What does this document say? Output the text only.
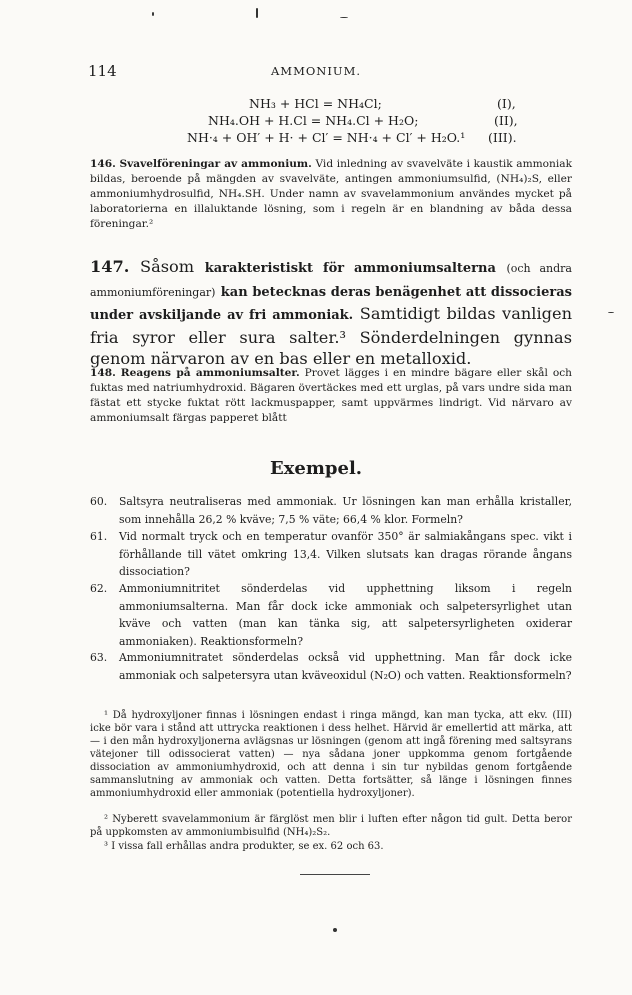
114	AMMONIUM.
NH₃ + HCl = NH₄Cl;	(I),
NH₄.OH + H.Cl = NH₄.Cl + H₂O;	(II),
NH·₄ + OH′ + H· + Cl′ = NH·₄ + Cl′ + H₂O.¹ (III).
146. Svavelföreningar av ammonium. Vid inledning av svavelväte i kaustik ammoniak bildas, beroende på mängden av svavelväte, antingen ammoniumsulfid, (NH₄)₂S, eller ammoniumhydrosulfid, NH₄.SH. Under namn av svavelammonium användes mycket på laboratorierna en illaluktande lösning, som i regeln är en blandning av båda dessa föreningar.²
147. Såsom karakteristiskt för ammoniumsalterna (och andra ammoniumföreningar) kan betecknas deras benägenhet att dissocieras under avskiljande av fri ammoniak. Samtidigt bildas vanligen fria syror eller sura salter.³ Sönderdelningen gynnas genom närvaron av en bas eller en metalloxid.
148. Reagens på ammoniumsalter. Provet lägges i en mindre bägare eller skål och fuktas med natriumhydroxid. Bägaren övertäckes med ett urglas, på vars undre sida man fästat ett stycke fuktat rött lackmuspapper, samt uppvärmes lindrigt. Vid närvaro av ammoniumsalt färgas papperet blått
Exempel.
60.	Saltsyra neutraliseras med ammoniak. Ur lösningen kan man erhålla kristaller, som innehålla 26,2 % kväve; 7,5 % väte; 66,4 % klor. Formeln?
61.	Vid normalt tryck och en temperatur ovanför 350° är salmiakångans spec. vikt i förhållande till vätet omkring 13,4. Vilken slutsats kan dragas rörande ångans dissociation?
62.	Ammoniumnitritet sönderdelas vid upphettning liksom i regeln ammoniumsalterna. Man får dock icke ammoniak och salpetersyrlighet utan kväve och vatten (man kan tänka sig, att salpetersyrligheten oxiderar ammoniaken). Reaktionsformeln?
63.	Ammoniumnitratet sönderdelas också vid upphettning. Man får dock icke ammoniak och salpetersyra utan kväveoxidul (N₂O) och vatten. Reaktionsformeln?
¹ Då hydroxyljoner finnas i lösningen endast i ringa mängd, kan man tycka, att ekv. (III) icke bör vara i stånd att uttrycka reaktionen i dess helhet. Härvid är emellertid att märka, att — i den mån hydroxyljonerna avlägsnas ur lösningen (genom att ingå förening med saltsyrans vätejoner till odissocierat vatten) — nya sådana joner uppkomma genom fortgående dissociation av ammoniumhydroxid, och att denna i sin tur nybildas genom fortgående sammanslutning av ammoniak och vatten. Detta fortsätter, så länge i lösningen finnes ammoniumhydroxid eller ammoniak (potentiella hydroxyljoner).
² Nyberett svavelammonium är färglöst men blir i luften efter någon tid gult. Detta beror på uppkomsten av ammoniumbisulfid (NH₄)₂S₂.
³ I vissa fall erhållas andra produkter, se ex. 62 och 63.
